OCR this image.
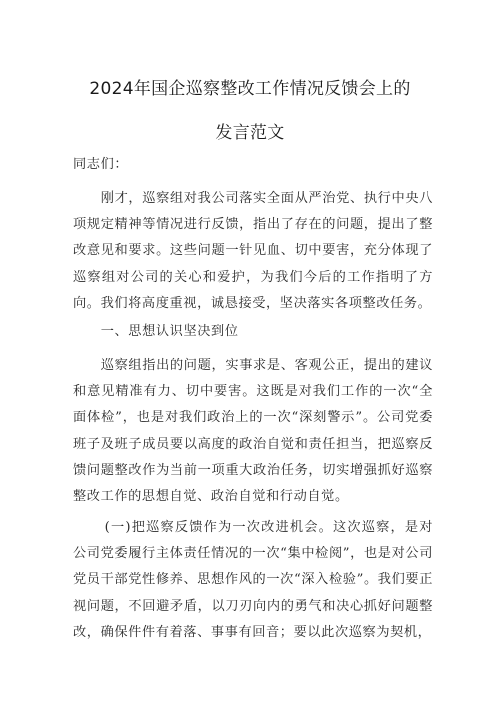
2024年国企巡察整改工作情况反馈会上的
发言范文
同志们：
刚才，巡察组对我公司落实全面从严治党、执行中央八项规定精神等情况进行反馈，指出了存在的问题，提出了整改意见和要求。这些问题一针见血、切中要害，充分体现了巡察组对公司的关心和爱护，为我们今后的工作指明了方向。我们将高度重视，诚恳接受，坚决落实各项整改任务。
一、思想认识坚决到位
巡察组指出的问题，实事求是、客观公正，提出的建议和意见精准有力、切中要害。这既是对我们工作的一次“全面体检”，也是对我们政治上的一次“深刻警示”。公司党委班子及班子成员要以高度的政治自觉和责任担当，把巡察反馈问题整改作为当前一项重大政治任务，切实增强抓好巡察整改工作的思想自觉、政治自觉和行动自觉。
(一)把巡察反馈作为一次改进机会。这次巡察，是对公司党委履行主体责任情况的一次“集中检阅”，也是对公司党员干部党性修养、思想作风的一次“深入检验”。我们要正视问题，不回避矛盾，以刀刃向内的勇气和决心抓好问题整改，确保件件有着落、事事有回音；要以此次巡察为契机，
